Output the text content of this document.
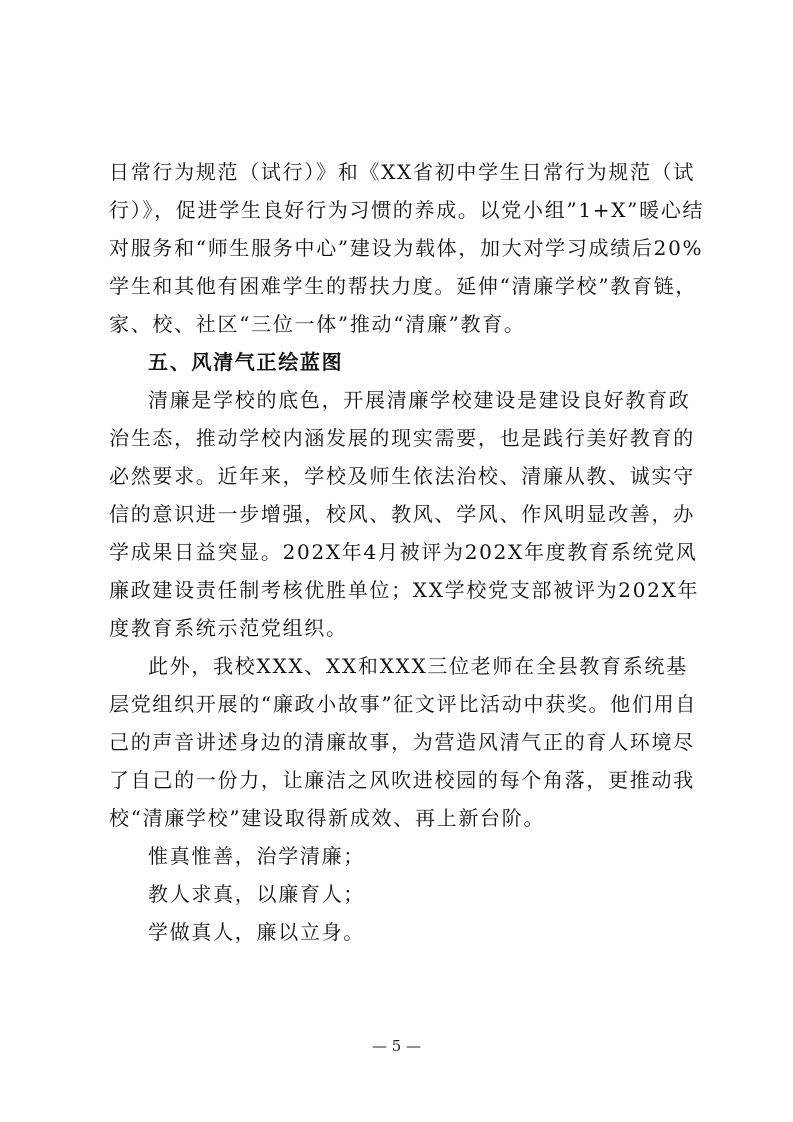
日常行为规范（试行）》和《XX省初中学生日常行为规范（试
行）》，促进学生良好行为习惯的养成。以党小组”1+X”暖心结
对服务和“师生服务中心”建设为载体，加大对学习成绩后20%
学生和其他有困难学生的帮扶力度。延伸“清廉学校”教育链，
家、校、社区“三位一体”推动“清廉”教育。
五、风清气正绘蓝图
清廉是学校的底色，开展清廉学校建设是建设良好教育政
治生态，推动学校内涵发展的现实需要，也是践行美好教育的
必然要求。近年来，学校及师生依法治校、清廉从教、诚实守
信的意识进一步增强，校风、教风、学风、作风明显改善，办
学成果日益突显。202X年4月被评为202X年度教育系统党风
廉政建设责任制考核优胜单位；XX学校党支部被评为202X年
度教育系统示范党组织。
此外，我校XXX、XX和XXX三位老师在全县教育系统基
层党组织开展的“廉政小故事”征文评比活动中获奖。他们用自
己的声音讲述身边的清廉故事，为营造风清气正的育人环境尽
了自己的一份力，让廉洁之风吹进校园的每个角落，更推动我
校“清廉学校”建设取得新成效、再上新台阶。
惟真惟善，治学清廉；
教人求真，以廉育人；
学做真人，廉以立身。
— 5 —
